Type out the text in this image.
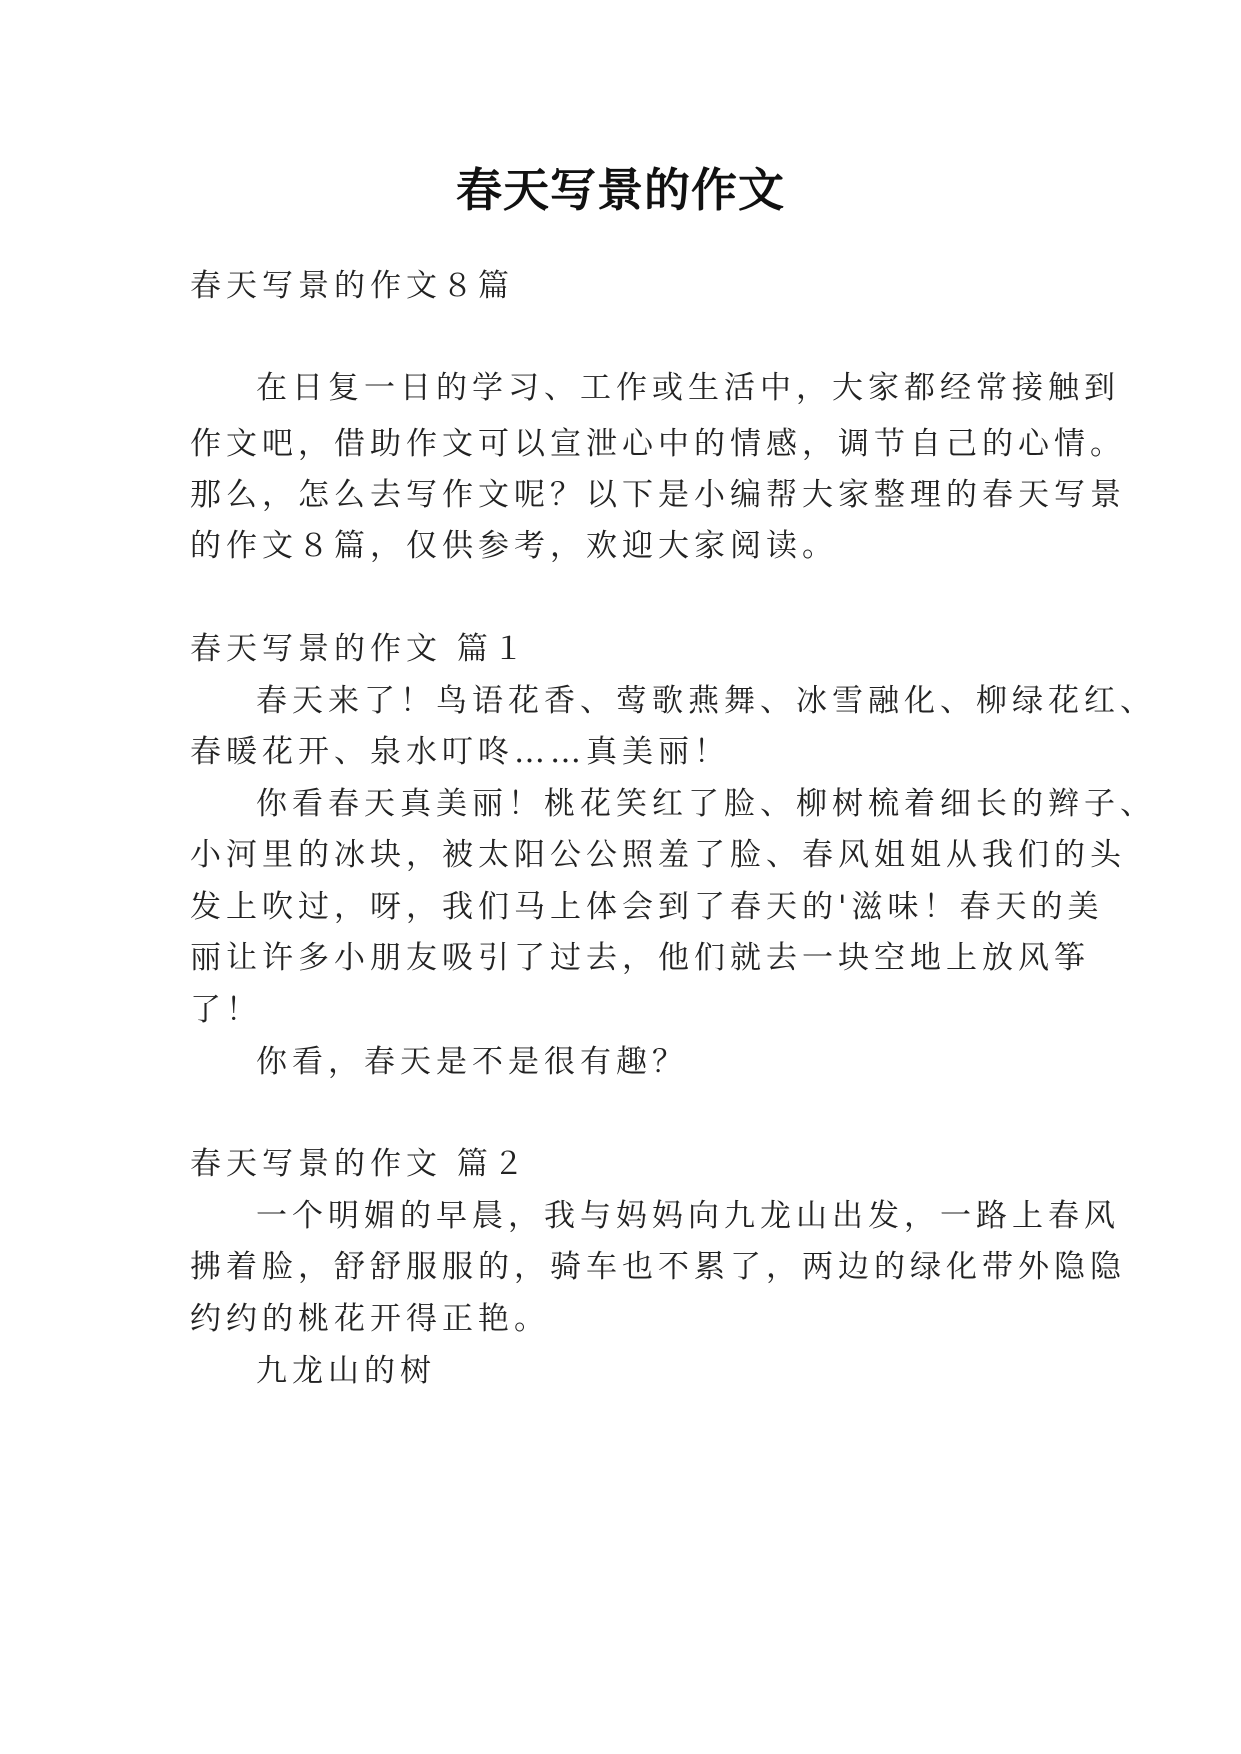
春天写景的作文
春天写景的作文８篇
在日复一日的学习、工作或生活中，大家都经常接触到
作文吧，借助作文可以宣泄心中的情感，调节自己的心情。
那么，怎么去写作文呢？以下是小编帮大家整理的春天写景
的作文８篇，仅供参考，欢迎大家阅读。
春天写景的作文 篇１
春天来了！鸟语花香、莺歌燕舞、冰雪融化、柳绿花红、
春暖花开、泉水叮咚……真美丽！
你看春天真美丽！桃花笑红了脸、柳树梳着细长的辫子、
小河里的冰块，被太阳公公照羞了脸、春风姐姐从我们的头
发上吹过，呀，我们马上体会到了春天的'滋味！春天的美
丽让许多小朋友吸引了过去，他们就去一块空地上放风筝
了！
你看，春天是不是很有趣？
春天写景的作文 篇２
一个明媚的早晨，我与妈妈向九龙山出发，一路上春风
拂着脸，舒舒服服的，骑车也不累了，两边的绿化带外隐隐
约约的桃花开得正艳。
九龙山的树
